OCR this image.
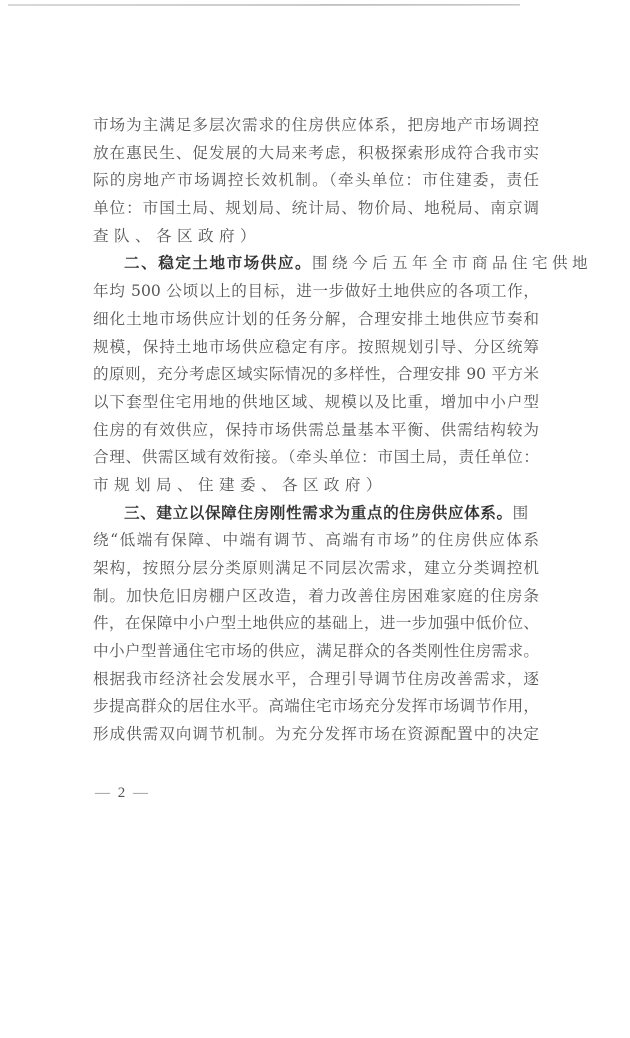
市场为主满足多层次需求的住房供应体系，把房地产市场调控
放在惠民生、促发展的大局来考虑，积极探索形成符合我市实
际的房地产市场调控长效机制。（牵头单位：市住建委，责任
单位：市国土局、规划局、统计局、物价局、地税局、南京调
查队、各区政府）
二、稳定土地市场供应。围绕今后五年全市商品住宅供地
年均 500 公顷以上的目标，进一步做好土地供应的各项工作，
细化土地市场供应计划的任务分解，合理安排土地供应节奏和
规模，保持土地市场供应稳定有序。按照规划引导、分区统筹
的原则，充分考虑区域实际情况的多样性，合理安排 90 平方米
以下套型住宅用地的供地区域、规模以及比重，增加中小户型
住房的有效供应，保持市场供需总量基本平衡、供需结构较为
合理、供需区域有效衔接。（牵头单位：市国土局，责任单位：
市规划局、住建委、各区政府）
三、建立以保障住房刚性需求为重点的住房供应体系。围
绕“低端有保障、中端有调节、高端有市场”的住房供应体系
架构，按照分层分类原则满足不同层次需求，建立分类调控机
制。加快危旧房棚户区改造，着力改善住房困难家庭的住房条
件，在保障中小户型土地供应的基础上，进一步加强中低价位、
中小户型普通住宅市场的供应，满足群众的各类刚性住房需求。
根据我市经济社会发展水平，合理引导调节住房改善需求，逐
步提高群众的居住水平。高端住宅市场充分发挥市场调节作用，
形成供需双向调节机制。为充分发挥市场在资源配置中的决定
— 2 —
